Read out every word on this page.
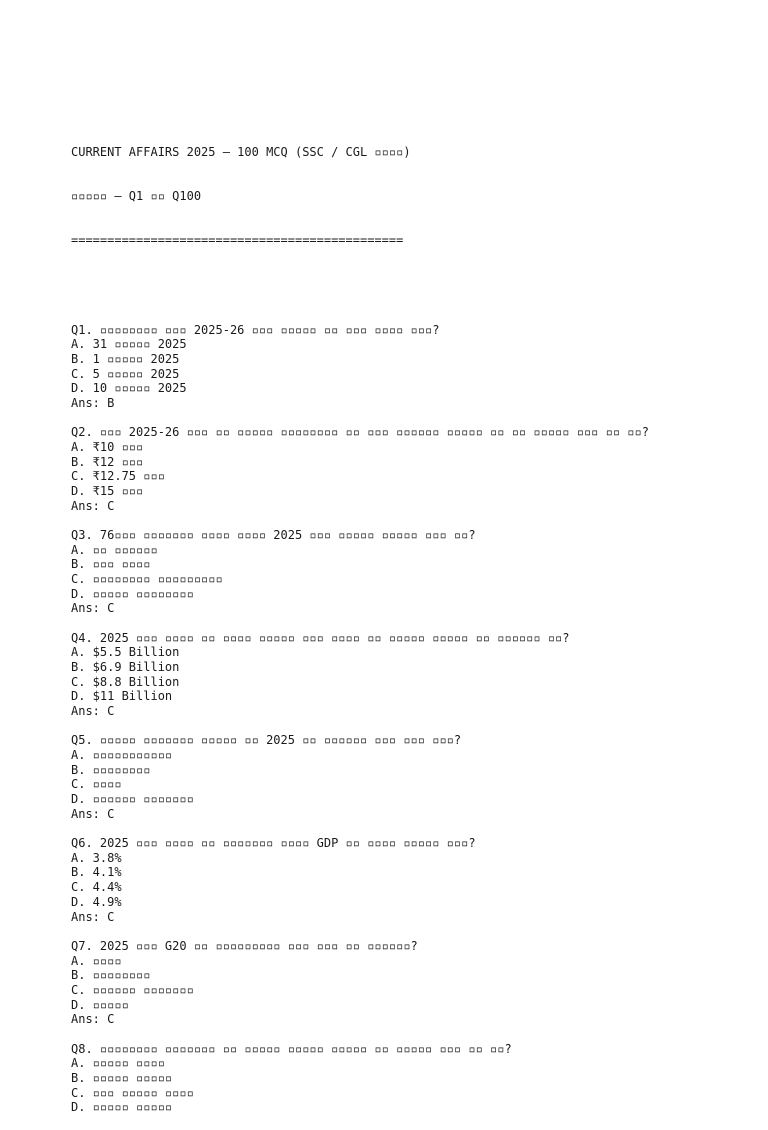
CURRENT AFFAIRS 2025 – 100 MCQ (SSC / CGL ▫▫▫▫)

▫▫▫▫▫ – Q1 ▫▫ Q100

==============================================

Q1. ▫▫▫▫▫▫▫▫ ▫▫▫ 2025-26 ▫▫▫ ▫▫▫▫▫ ▫▫ ▫▫▫ ▫▫▫▫ ▫▫▫?
A. 31 ▫▫▫▫▫ 2025
B. 1 ▫▫▫▫▫ 2025
C. 5 ▫▫▫▫▫ 2025
D. 10 ▫▫▫▫▫ 2025
Ans: B
Q2. ▫▫▫ 2025-26 ▫▫▫ ▫▫ ▫▫▫▫▫ ▫▫▫▫▫▫▫▫ ▫▫ ▫▫▫ ▫▫▫▫▫▫ ▫▫▫▫▫ ▫▫ ▫▫ ▫▫▫▫▫ ▫▫▫ ▫▫ ▫▫?
A. ₹10 ▫▫▫
B. ₹12 ▫▫▫
C. ₹12.75 ▫▫▫
D. ₹15 ▫▫▫
Ans: C
Q3. 76▫▫▫ ▫▫▫▫▫▫▫ ▫▫▫▫ ▫▫▫▫ 2025 ▫▫▫ ▫▫▫▫▫ ▫▫▫▫▫ ▫▫▫ ▫▫?
A. ▫▫ ▫▫▫▫▫▫
B. ▫▫▫ ▫▫▫▫
C. ▫▫▫▫▫▫▫▫ ▫▫▫▫▫▫▫▫▫
D. ▫▫▫▫▫ ▫▫▫▫▫▫▫▫
Ans: C
Q4. 2025 ▫▫▫ ▫▫▫▫ ▫▫ ▫▫▫▫ ▫▫▫▫▫ ▫▫▫ ▫▫▫▫ ▫▫ ▫▫▫▫▫ ▫▫▫▫▫ ▫▫ ▫▫▫▫▫▫ ▫▫?
A. $5.5 Billion
B. $6.9 Billion
C. $8.8 Billion
D. $11 Billion
Ans: C
Q5. ▫▫▫▫▫ ▫▫▫▫▫▫▫ ▫▫▫▫▫ ▫▫ 2025 ▫▫ ▫▫▫▫▫▫ ▫▫▫ ▫▫▫ ▫▫▫?
A. ▫▫▫▫▫▫▫▫▫▫▫
B. ▫▫▫▫▫▫▫▫
C. ▫▫▫▫
D. ▫▫▫▫▫▫ ▫▫▫▫▫▫▫
Ans: C
Q6. 2025 ▫▫▫ ▫▫▫▫ ▫▫ ▫▫▫▫▫▫▫ ▫▫▫▫ GDP ▫▫ ▫▫▫▫ ▫▫▫▫▫ ▫▫▫?
A. 3.8%
B. 4.1%
C. 4.4%
D. 4.9%
Ans: C
Q7. 2025 ▫▫▫ G20 ▫▫ ▫▫▫▫▫▫▫▫▫ ▫▫▫ ▫▫▫ ▫▫ ▫▫▫▫▫▫?
A. ▫▫▫▫
B. ▫▫▫▫▫▫▫▫
C. ▫▫▫▫▫▫ ▫▫▫▫▫▫▫
D. ▫▫▫▫▫
Ans: C
Q8. ▫▫▫▫▫▫▫▫ ▫▫▫▫▫▫▫ ▫▫ ▫▫▫▫▫ ▫▫▫▫▫ ▫▫▫▫▫ ▫▫ ▫▫▫▫▫ ▫▫▫ ▫▫ ▫▫?
A. ▫▫▫▫▫ ▫▫▫▫
B. ▫▫▫▫▫ ▫▫▫▫▫
C. ▫▫▫ ▫▫▫▫▫ ▫▫▫▫
D. ▫▫▫▫▫ ▫▫▫▫▫
